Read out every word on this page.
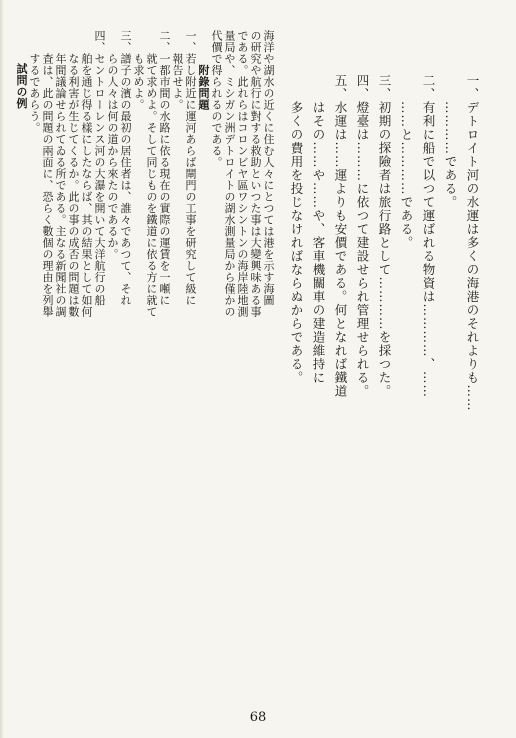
68
一、デトロイト河の水運は多くの海港のそれよりも……
　　…………である。
二、有利に船で以つて運ばれる物資は…………、……
　　……と…………である。
三、初期の探險者は旅行路として…………を採つた。
四、燈臺は………に依つて建設せられ管理せられる。
五、水運は……運よりも安價である。何となれば鐵道
　　はその……や……や、客車機關車の建造維持に
　　多くの費用を投じなければならぬからである。
海洋や湖水の近くに住む人々にとつては港を示す海圖
の研究や航行に對する救助といつた事は大變興味ある事
である。此れらはコロンビヤ區ワシントンの海岸陸地測
量局や、ミシガン洲デトロイトの湖水測量局から僅かの
代價で得られるのである。
　　　附錄問題
一、若し附近に運河あらば閘門の工事を研究して級に
　　報告せよ。
二、一都市間の水路に依る現在の實際の運賃を一噸に
　　就て求めよ。そして同じものを鐵道に依る方に就て
　　も求めよ。
三、譜子の濱の最初の居住者は、誰々であつて、それ
　　らの人々は何の道から來たのであるか。
四、セントローレンス河の大瀑を開いて大洋航行の船
　　舶を通じ得る樣にしたならば、其の結果として如何
　　なる利害が生じてくるか。此の事の成否の問題は數
　　年間議論せられてゐる所である。主なる新聞社の調
　　査は、此の問題の兩面に、恐らく數個の理由を列舉
　　するであらう。
　　試問の例
